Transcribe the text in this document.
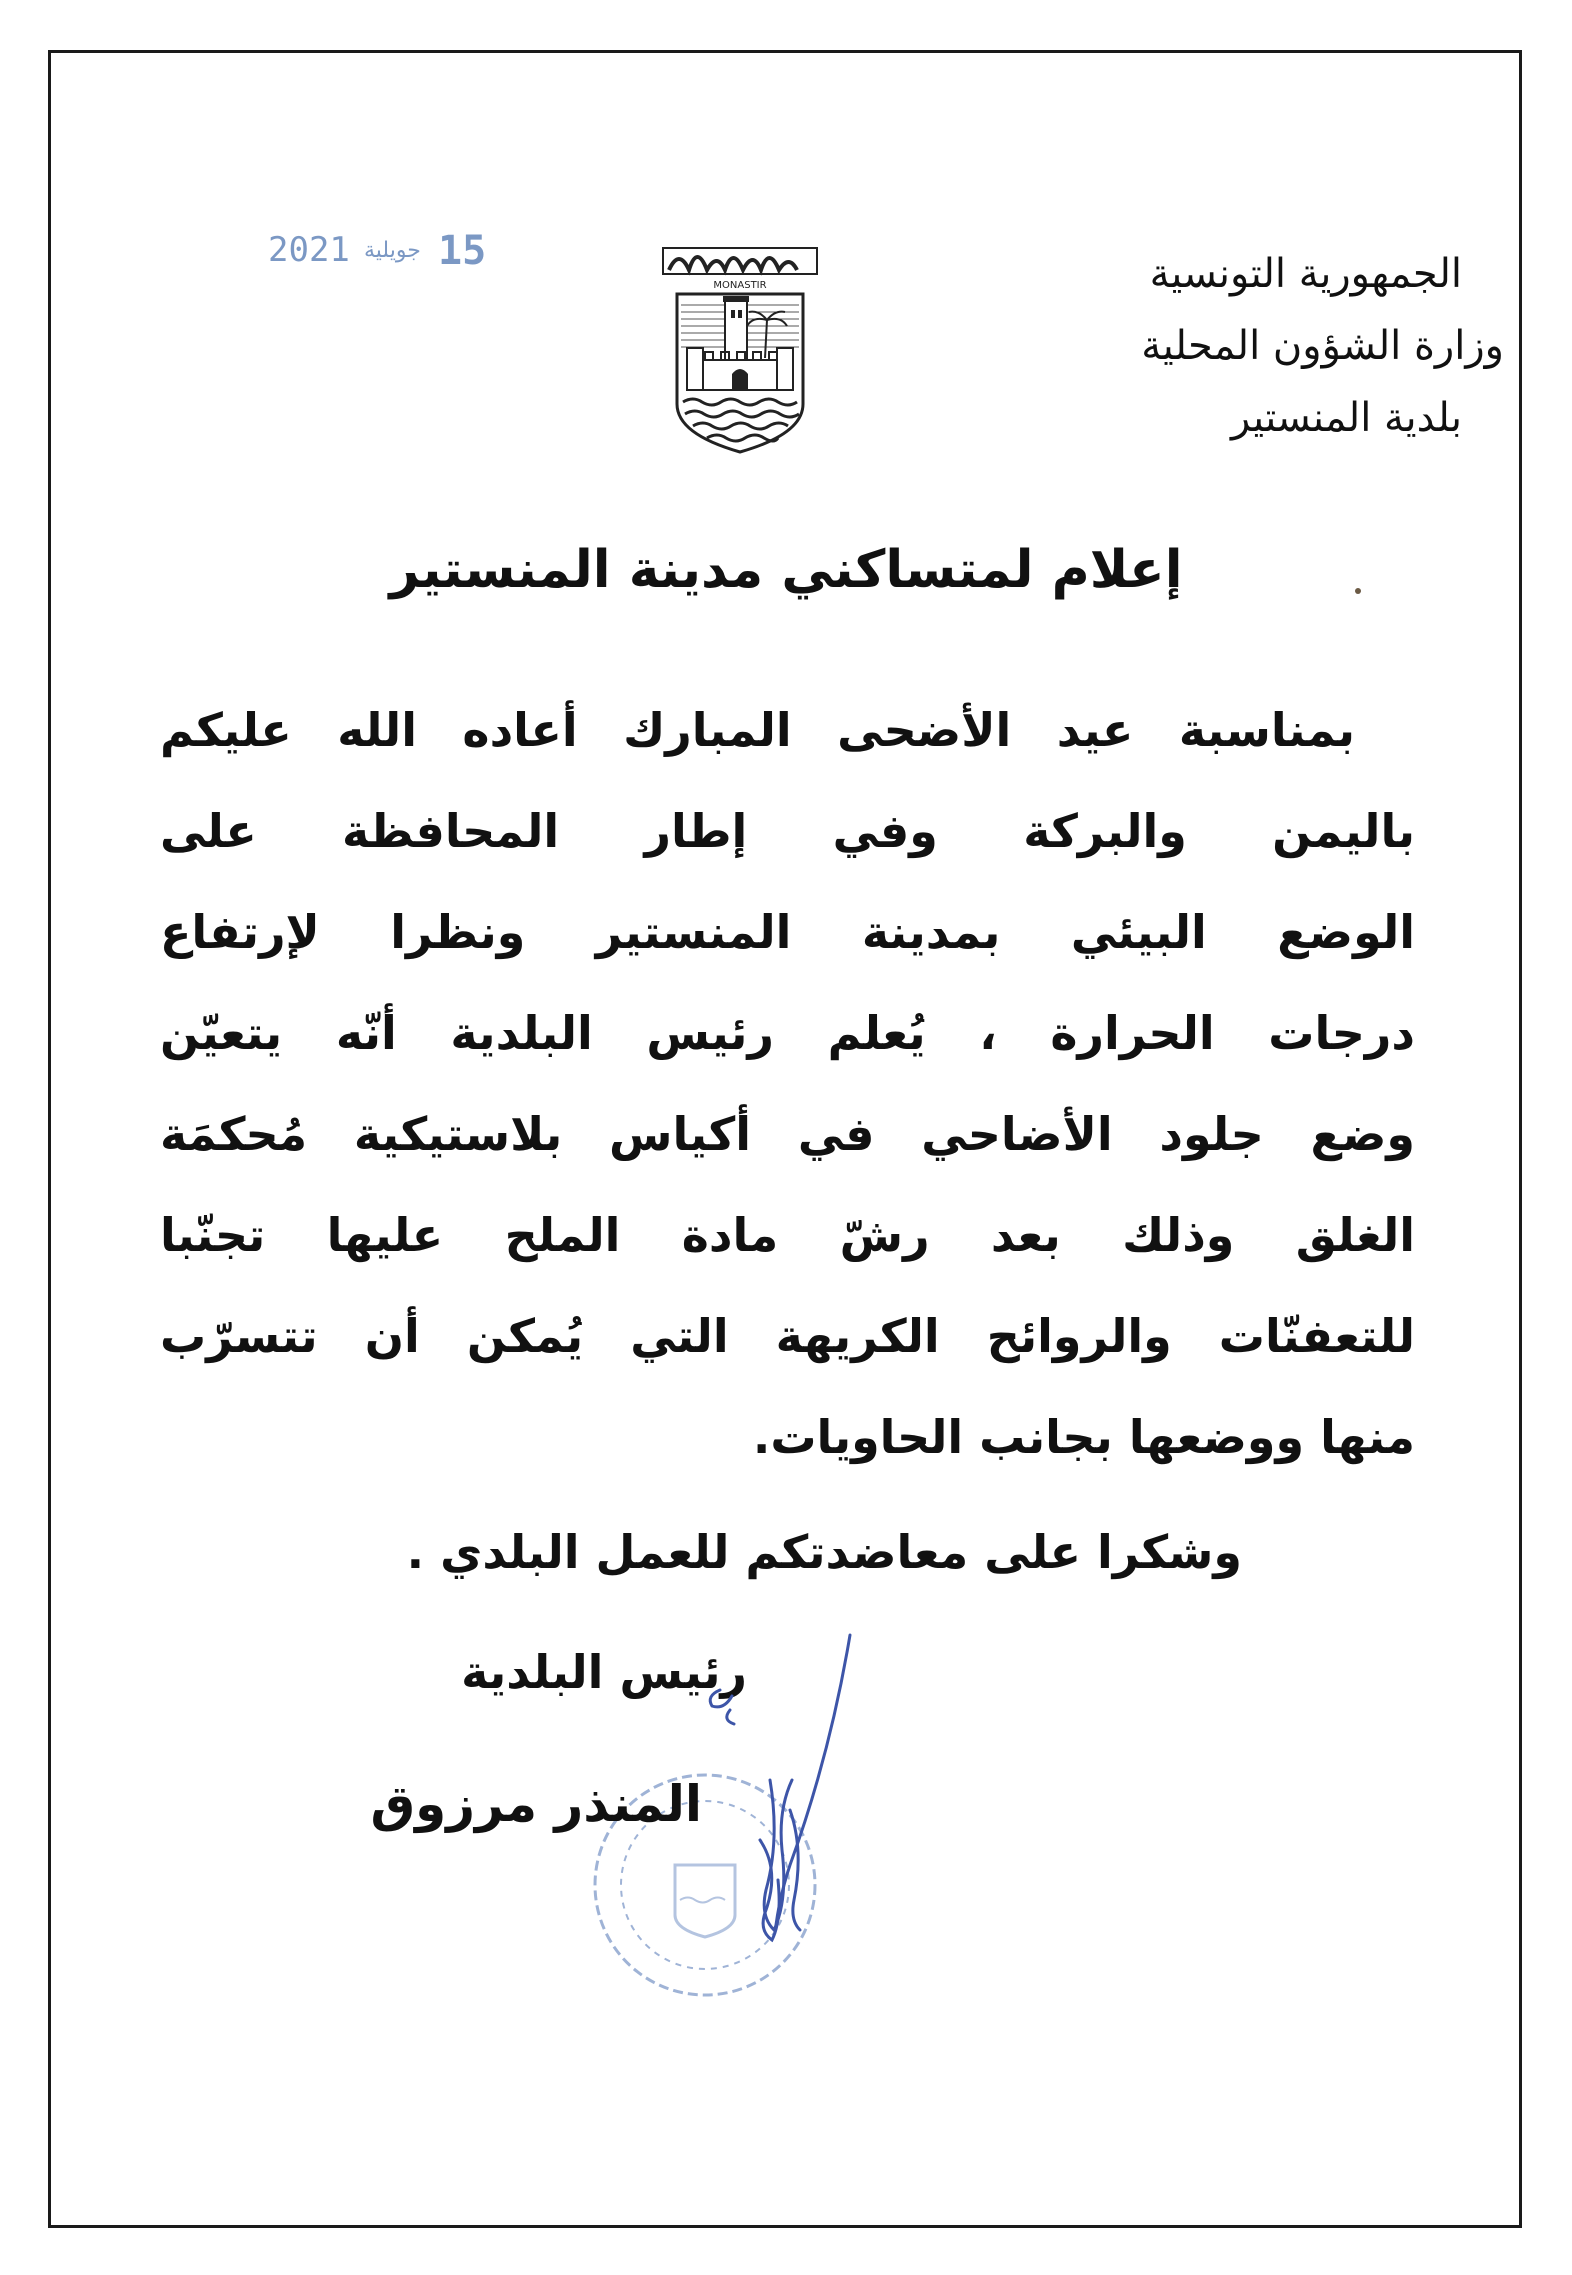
الجمهورية التونسية
وزارة الشؤون المحلية
بلدية المنستير
MONASTIR
2021 جويلية 15
إعلام لمتساكني مدينة المنستير
بمناسبة عيد الأضحى المبارك أعاده الله عليكم
باليمن والبركة وفي إطار المحافظة على
الوضع البيئي بمدينة المنستير ونظرا لإرتفاع
درجات الحرارة ، يُعلم رئيس البلدية أنّه يتعيّن
وضع جلود الأضاحي في أكياس بلاستيكية مُحكمَة
الغلق وذلك بعد رشّ مادة الملح عليها تجنّبا
للتعفنّات والروائح الكريهة التي يُمكن أن تتسرّب
منها ووضعها بجانب الحاويات.
وشكرا على معاضدتكم للعمل البلدي .
رئيس البلدية
المنذر مرزوق
